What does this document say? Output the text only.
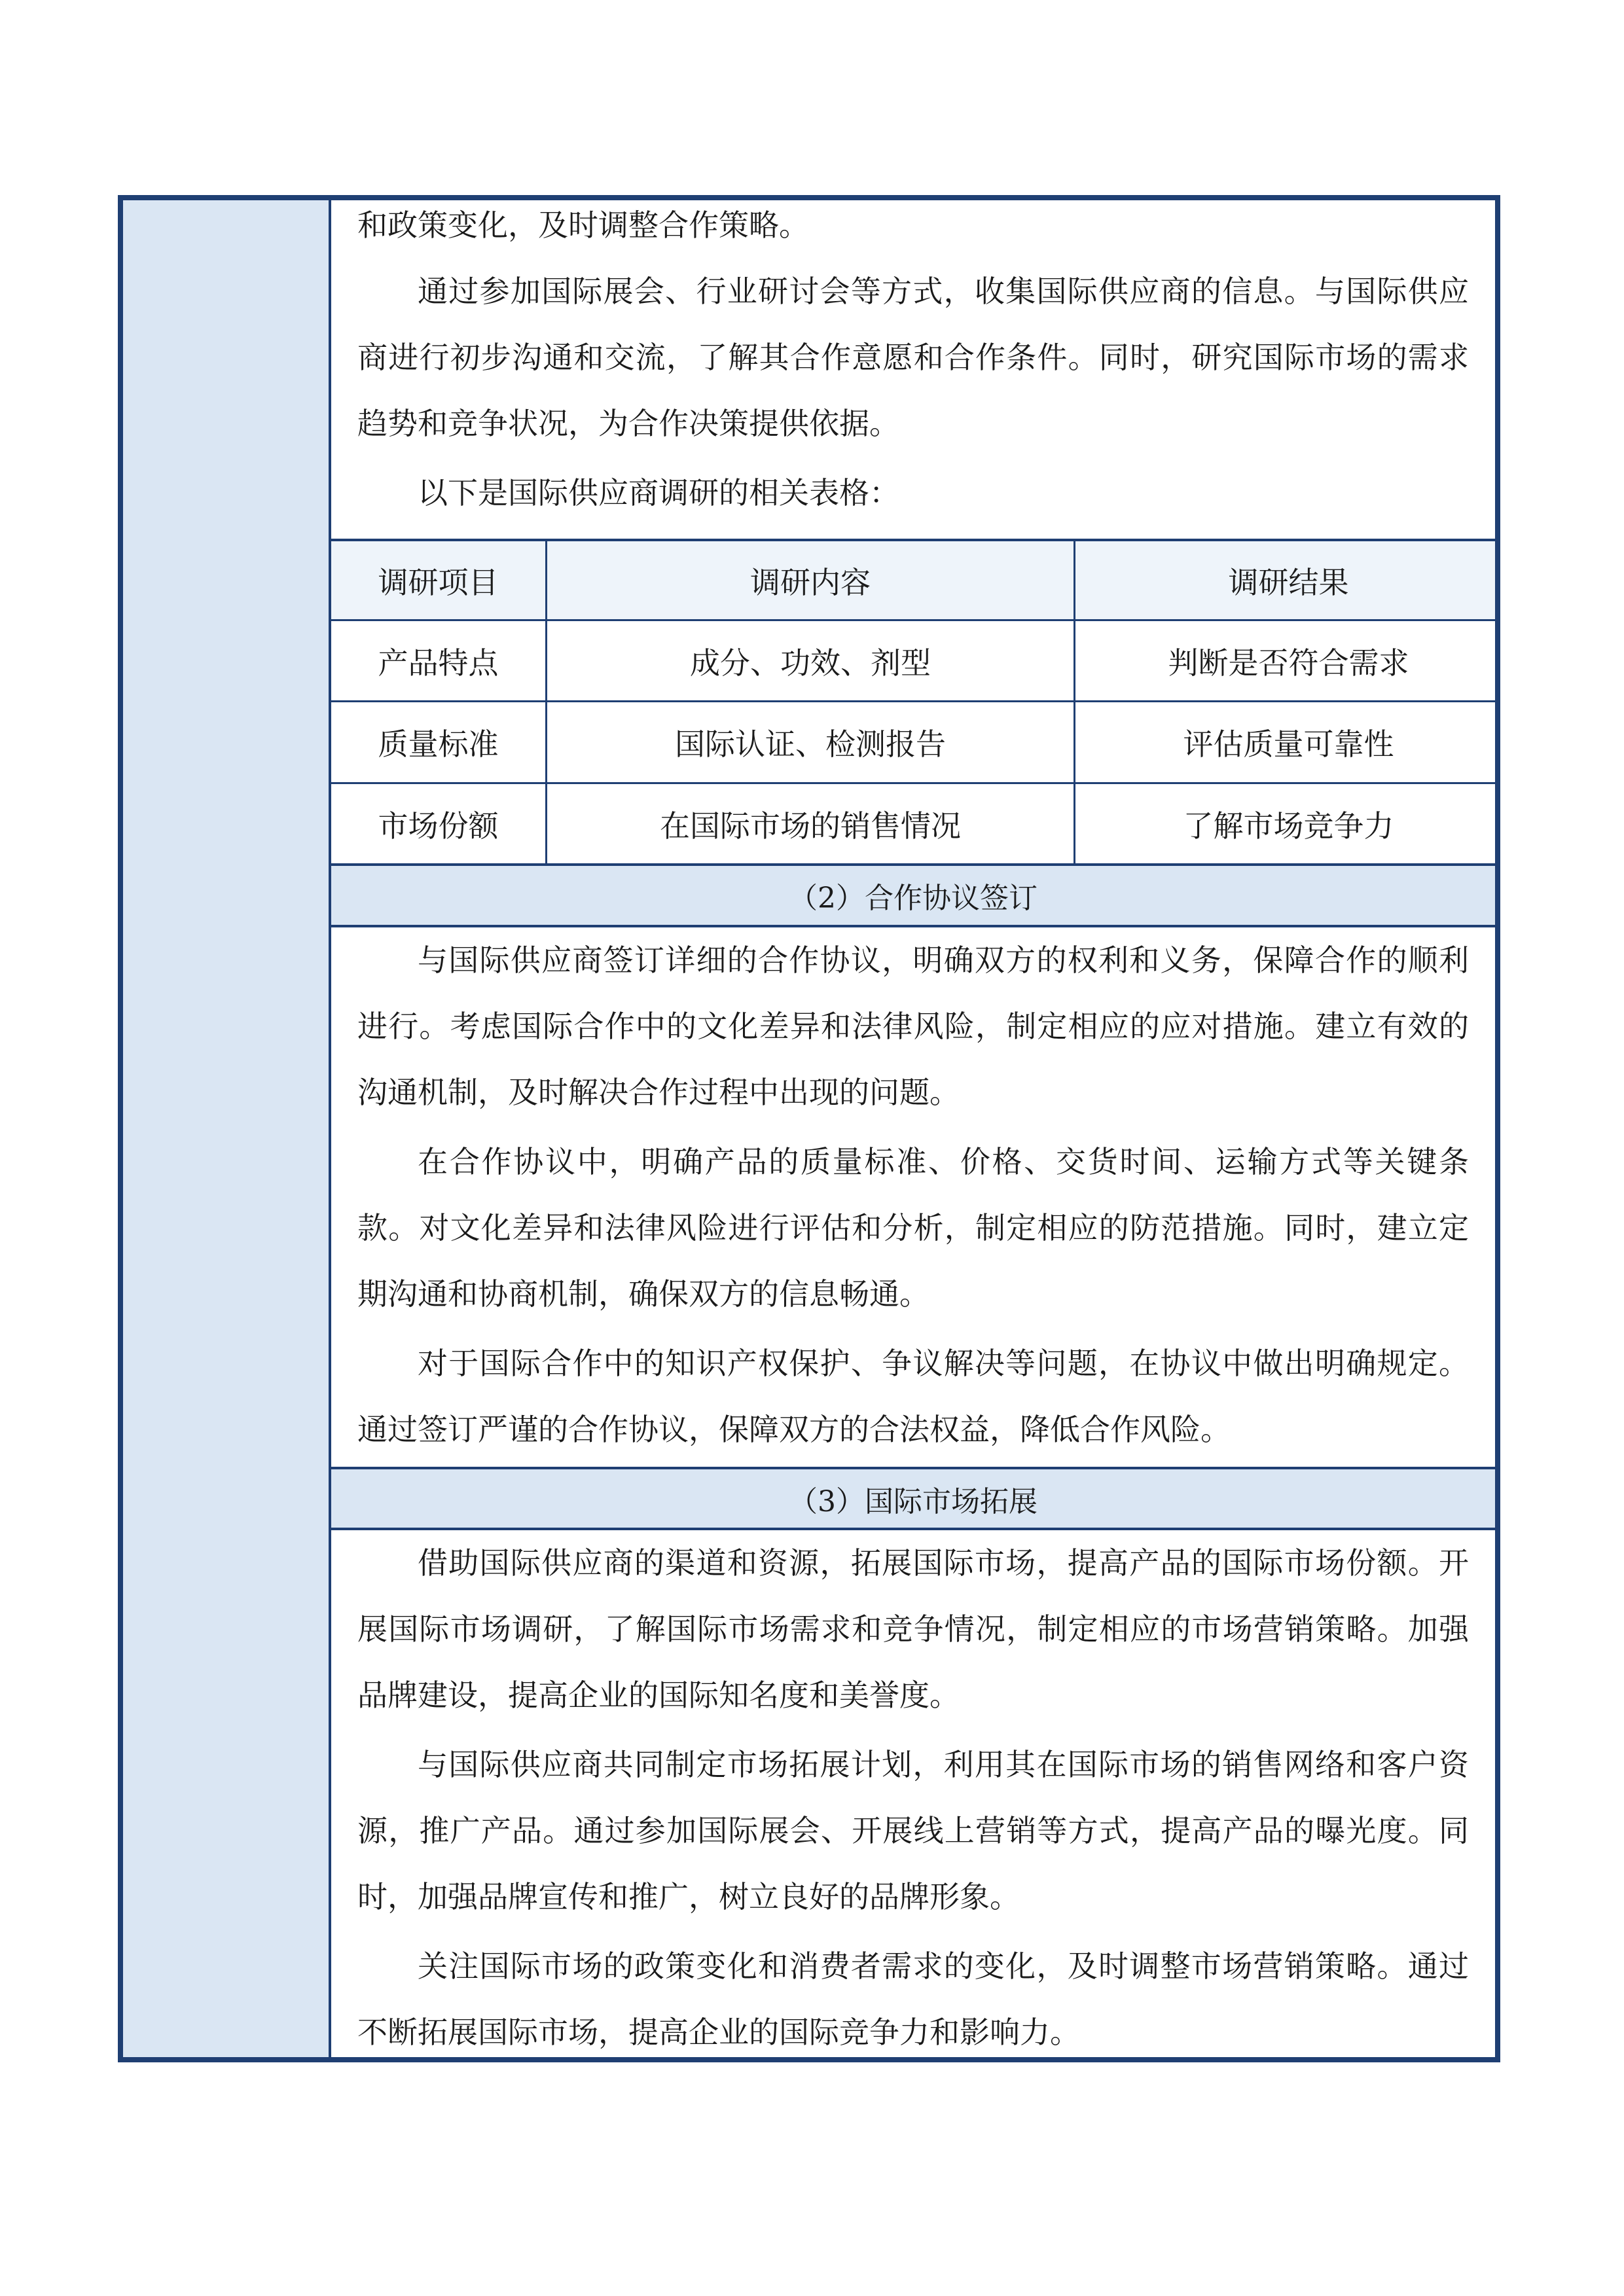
和政策变化，及时调整合作策略。

通过参加国际展会、行业研讨会等方式，收集国际供应商的信息。与国际供应商进行初步沟通和交流，了解其合作意愿和合作条件。同时，研究国际市场的需求趋势和竞争状况，为合作决策提供依据。

以下是国际供应商调研的相关表格：

调研项目	调研内容	调研结果
产品特点	成分、功效、剂型	判断是否符合需求
质量标准	国际认证、检测报告	评估质量可靠性
市场份额	在国际市场的销售情况	了解市场竞争力
（2）合作协议签订

与国际供应商签订详细的合作协议，明确双方的权利和义务，保障合作的顺利进行。考虑国际合作中的文化差异和法律风险，制定相应的应对措施。建立有效的沟通机制，及时解决合作过程中出现的问题。

在合作协议中，明确产品的质量标准、价格、交货时间、运输方式等关键条款。对文化差异和法律风险进行评估和分析，制定相应的防范措施。同时，建立定期沟通和协商机制，确保双方的信息畅通。

对于国际合作中的知识产权保护、争议解决等问题，在协议中做出明确规定。通过签订严谨的合作协议，保障双方的合法权益，降低合作风险。

（3）国际市场拓展

借助国际供应商的渠道和资源，拓展国际市场，提高产品的国际市场份额。开展国际市场调研，了解国际市场需求和竞争情况，制定相应的市场营销策略。加强品牌建设，提高企业的国际知名度和美誉度。

与国际供应商共同制定市场拓展计划，利用其在国际市场的销售网络和客户资源，推广产品。通过参加国际展会、开展线上营销等方式，提高产品的曝光度。同时，加强品牌宣传和推广，树立良好的品牌形象。

关注国际市场的政策变化和消费者需求的变化，及时调整市场营销策略。通过不断拓展国际市场，提高企业的国际竞争力和影响力。
